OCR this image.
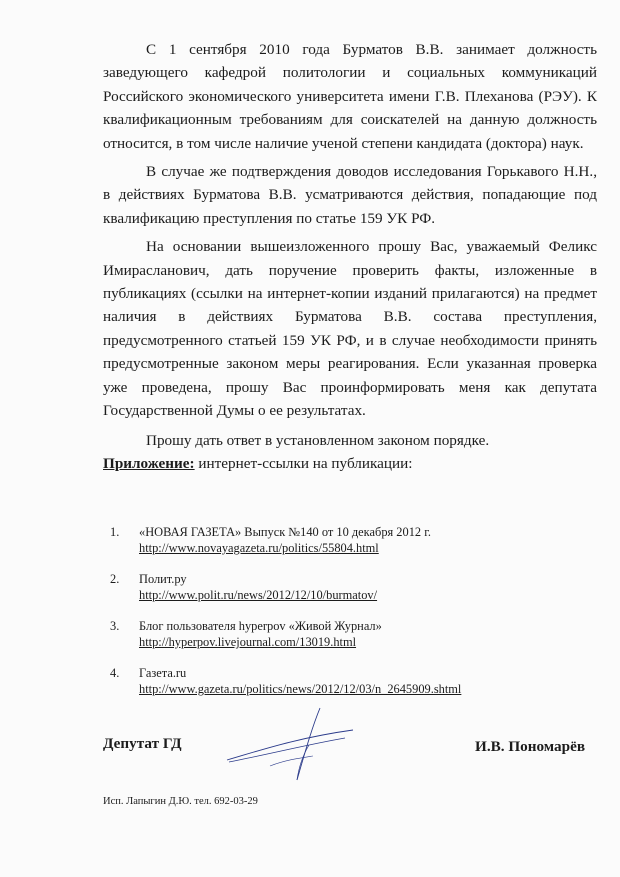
С 1 сентября 2010 года Бурматов В.В. занимает должность заведующего кафедрой политологии и социальных коммуникаций Российского экономического университета имени Г.В. Плеханова (РЭУ). К квалификационным требованиям для соискателей на данную должность относится, в том числе наличие ученой степени кандидата (доктора) наук.

В случае же подтверждения доводов исследования Горькавого Н.Н., в действиях Бурматова В.В. усматриваются действия, попадающие под квалификацию преступления по статье 159 УК РФ.

На основании вышеизложенного прошу Вас, уважаемый Феликс Имирасланович, дать поручение проверить факты, изложенные в публикациях (ссылки на интернет-копии изданий прилагаются) на предмет наличия в действиях Бурматова В.В. состава преступления, предусмотренного статьей 159 УК РФ, и в случае необходимости принять предусмотренные законом меры реагирования. Если указанная проверка уже проведена, прошу Вас проинформировать меня как депутата Государственной Думы о ее результатах.

Прошу дать ответ в установленном законом порядке.

Приложение: интернет-ссылки на публикации:

1. «НОВАЯ ГАЗЕТА» Выпуск №140 от 10 декабря 2012 г.
http://www.novayagazeta.ru/politics/55804.html
2. Полит.ру
http://www.polit.ru/news/2012/12/10/burmatov/
3. Блог пользователя hyperpov «Живой Журнал»
http://hyperpov.livejournal.com/13019.html
4. Газета.ru
http://www.gazeta.ru/politics/news/2012/12/03/n_2645909.shtml
Депутат ГД	И.В. Пономарёв
Исп. Лапыгин Д.Ю. тел. 692-03-29
